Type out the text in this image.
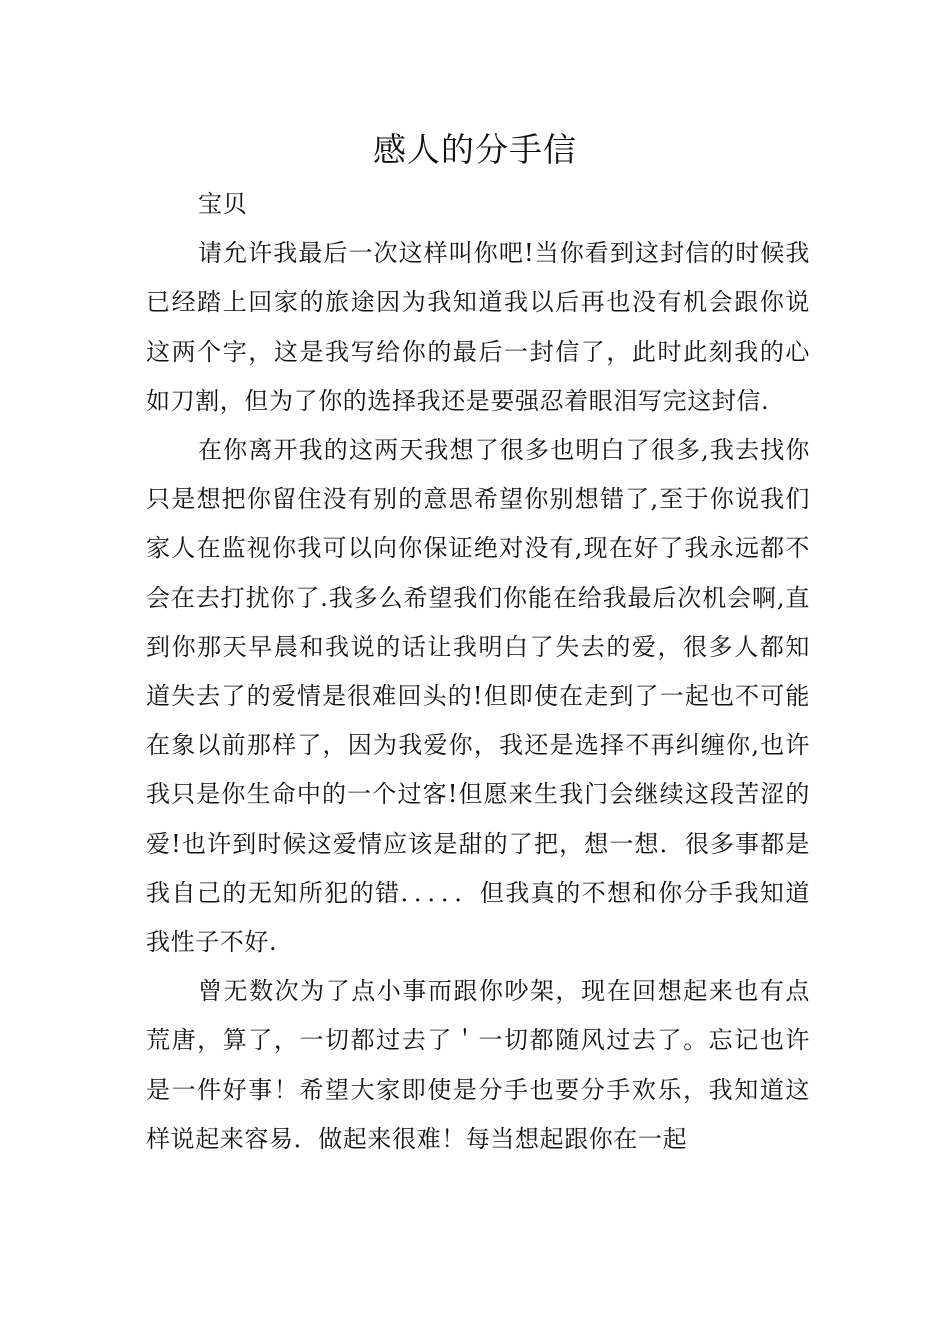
感人的分手信

宝贝

请允许我最后一次这样叫你吧!当你看到这封信的时候我已经踏上回家的旅途因为我知道我以后再也没有机会跟你说这两个字，这是我写给你的最后一封信了，此时此刻我的心如刀割，但为了你的选择我还是要强忍着眼泪写完这封信.

在你离开我的这两天我想了很多也明白了很多,我去找你只是想把你留住没有别的意思希望你别想错了,至于你说我们家人在监视你我可以向你保证绝对没有,现在好了我永远都不会在去打扰你了.我多么希望我们你能在给我最后次机会啊,直到你那天早晨和我说的话让我明白了失去的爱，很多人都知道失去了的爱情是很难回头的!但即使在走到了一起也不可能在象以前那样了，因为我爱你，我还是选择不再纠缠你,也许我只是你生命中的一个过客!但愿来生我门会继续这段苦涩的爱!也许到时候这爱情应该是甜的了把，想一想．很多事都是我自己的无知所犯的错．．．．．但我真的不想和你分手我知道我性子不好.

曾无数次为了点小事而跟你吵架，现在回想起来也有点荒唐，算了，一切都过去了＇一切都随风过去了。忘记也许是一件好事！希望大家即使是分手也要分手欢乐，我知道这样说起来容易．做起来很难！每当想起跟你在一起
